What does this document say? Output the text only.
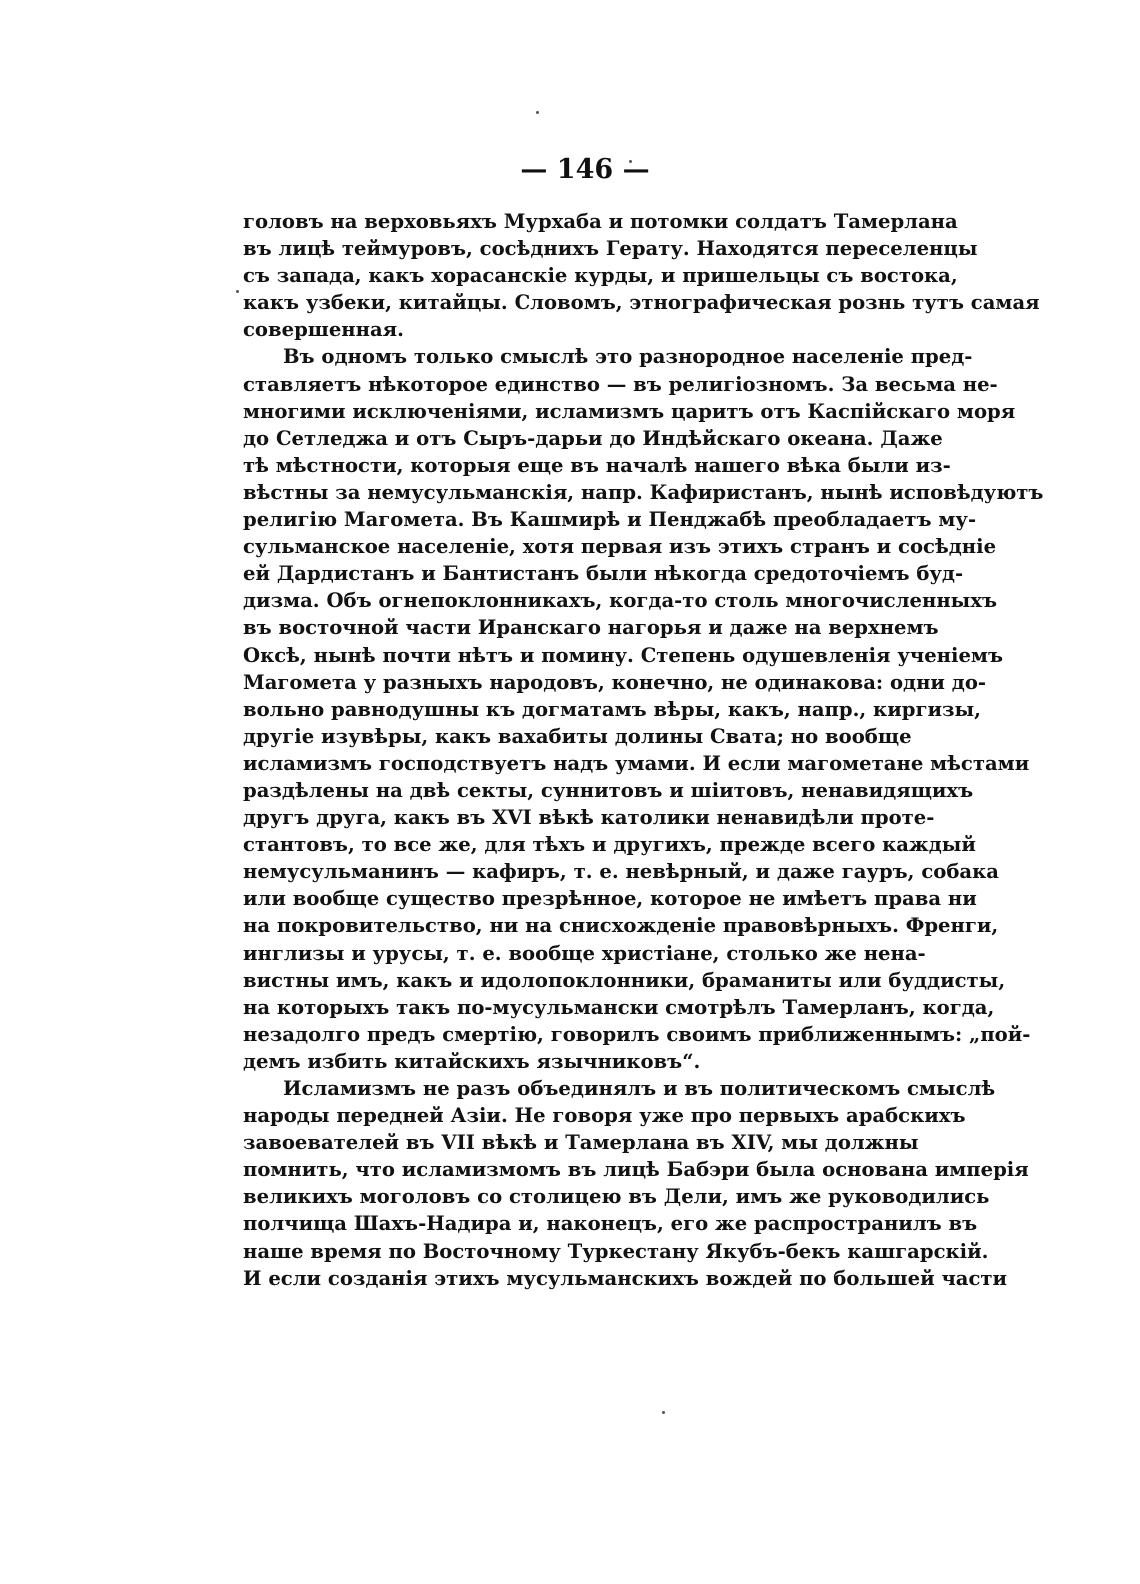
— 146 —
головъ на верховьяхъ Мурхаба и потомки солдатъ Тамерлана
въ лицѣ теймуровъ, сосѣднихъ Герату. Находятся переселенцы
съ запада, какъ хорасанскіе курды, и пришельцы съ востока,
какъ узбеки, китайцы. Словомъ, этнографическая рознь тутъ самая
совершенная.
Въ одномъ только смыслѣ это разнородное населеніе пред-
ставляетъ нѣкоторое единство — въ религіозномъ. За весьма не-
многими исключеніями, исламизмъ царитъ отъ Каспійскаго моря
до Сетледжа и отъ Сыръ-дарьи до Индѣйскаго океана. Даже
тѣ мѣстности, которыя еще въ началѣ нашего вѣка были из-
вѣстны за немусульманскія, напр. Кафиристанъ, нынѣ исповѣдуютъ
религію Магомета. Въ Кашмирѣ и Пенджабѣ преобладаетъ му-
сульманское населеніе, хотя первая изъ этихъ странъ и сосѣдніе
ей Дардистанъ и Бантистанъ были нѣкогда средоточіемъ буд-
дизма. Объ огнепоклонникахъ, когда-то столь многочисленныхъ
въ восточной части Иранскаго нагорья и даже на верхнемъ
Оксѣ, нынѣ почти нѣтъ и помину. Степень одушевленія ученіемъ
Магомета у разныхъ народовъ, конечно, не одинакова: одни до-
вольно равнодушны къ догматамъ вѣры, какъ, напр., киргизы,
другіе изувѣры, какъ вахабиты долины Свата; но вообще
исламизмъ господствуетъ надъ умами. И если магометане мѣстами
раздѣлены на двѣ секты, суннитовъ и шіитовъ, ненавидящихъ
другъ друга, какъ въ XVI вѣкѣ католики ненавидѣли проте-
стантовъ, то все же, для тѣхъ и другихъ, прежде всего каждый
немусульманинъ — кафиръ, т. е. невѣрный, и даже гауръ, собака
или вообще существо презрѣнное, которое не имѣетъ права ни
на покровительство, ни на снисхожденіе правовѣрныхъ. Френги,
инглизы и урусы, т. е. вообще христіане, столько же нена-
вистны имъ, какъ и идолопоклонники, браманиты или буддисты,
на которыхъ такъ по-мусульмански смотрѣлъ Тамерланъ, когда,
незадолго предъ смертію, говорилъ своимъ приближеннымъ: „пой-
демъ избить китайскихъ язычниковъ“.
Исламизмъ не разъ объединялъ и въ политическомъ смыслѣ
народы передней Азіи. Не говоря уже про первыхъ арабскихъ
завоевателей въ VII вѣкѣ и Тамерлана въ XIV, мы должны
помнить, что исламизмомъ въ лицѣ Бабэри была основана имперія
великихъ моголовъ со столицею въ Дели, имъ же руководились
полчища Шахъ-Надира и, наконецъ, его же распространилъ въ
наше время по Восточному Туркестану Якубъ-бекъ кашгарскій.
И если созданія этихъ мусульманскихъ вождей по большей части
